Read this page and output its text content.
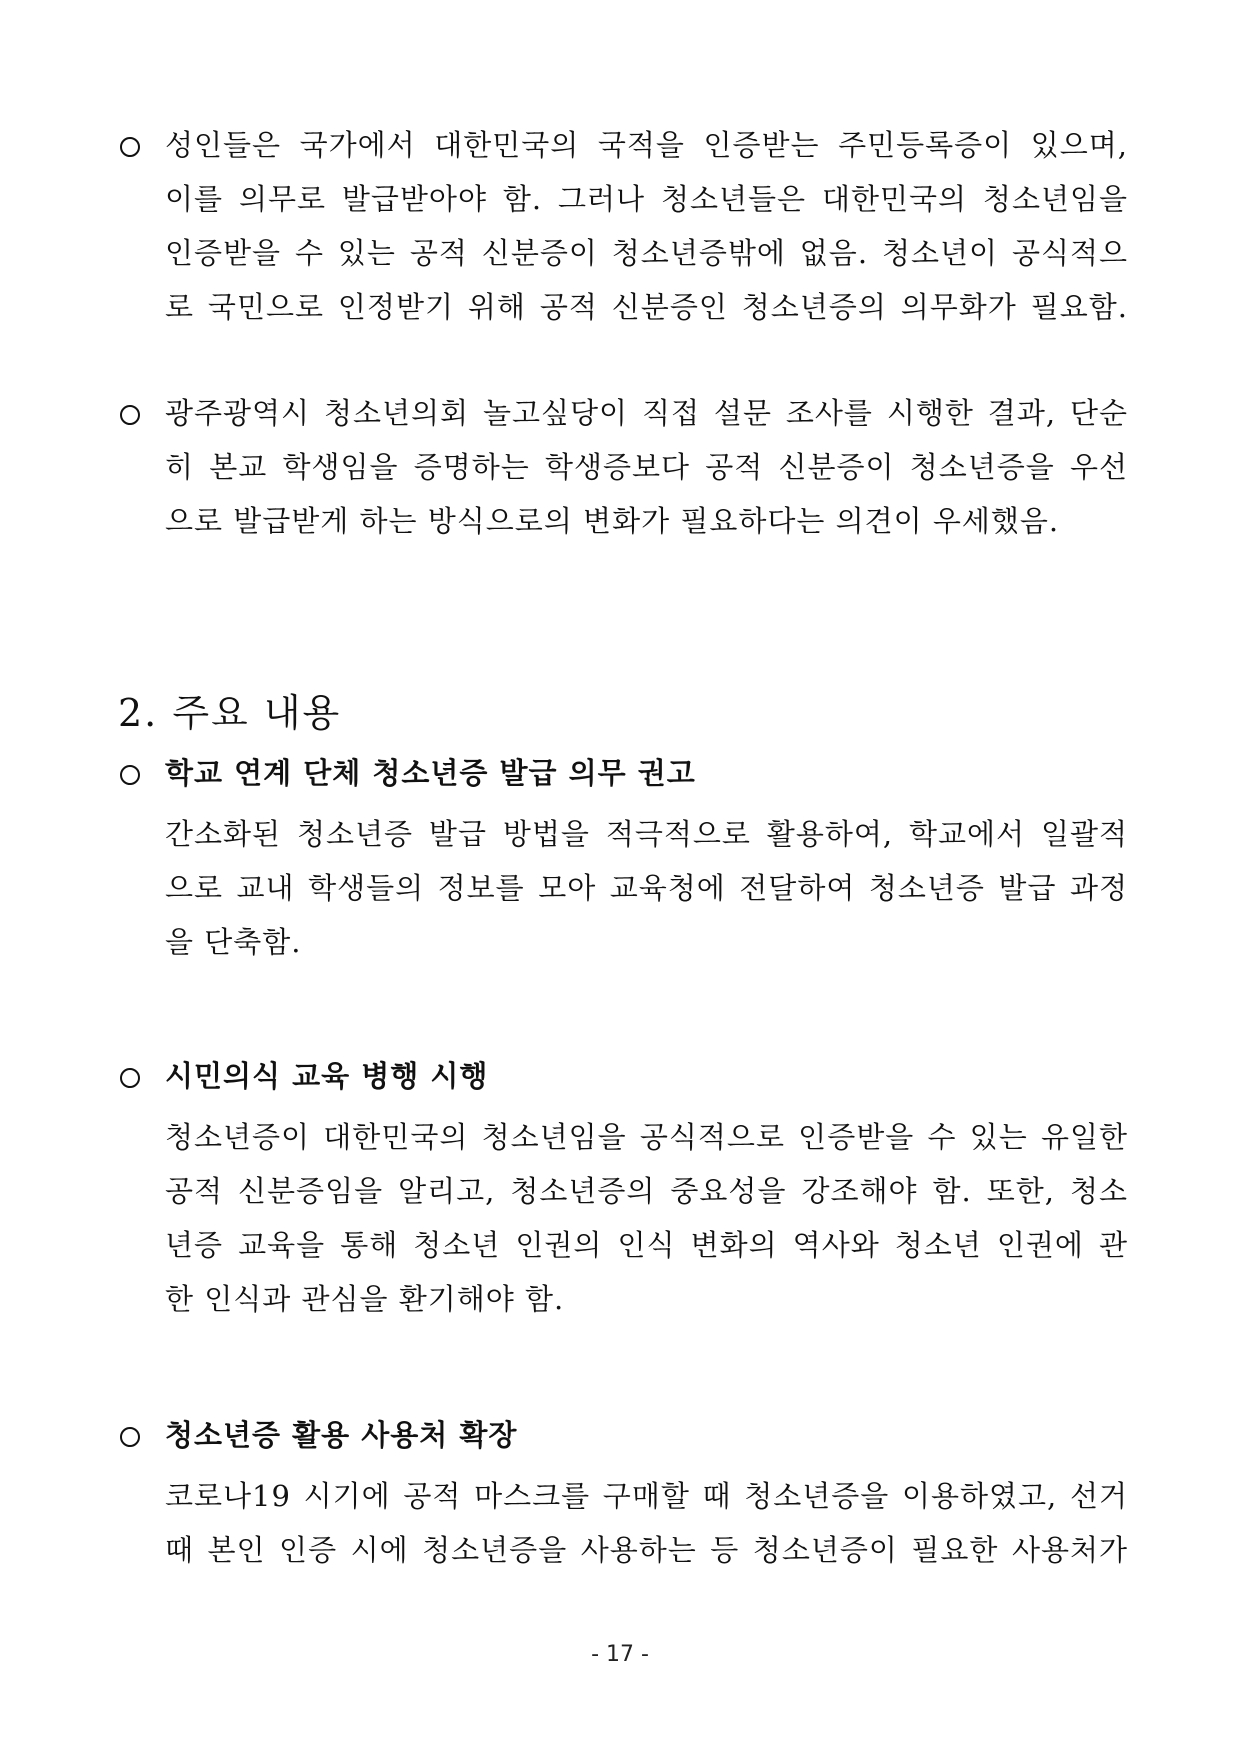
성인들은 국가에서 대한민국의 국적을 인증받는 주민등록증이 있으며,
이를 의무로 발급받아야 함. 그러나 청소년들은 대한민국의 청소년임을
인증받을 수 있는 공적 신분증이 청소년증밖에 없음. 청소년이 공식적으
로 국민으로 인정받기 위해 공적 신분증인 청소년증의 의무화가 필요함.
광주광역시 청소년의회 놀고싶당이 직접 설문 조사를 시행한 결과, 단순
히 본교 학생임을 증명하는 학생증보다 공적 신분증이 청소년증을 우선
으로 발급받게 하는 방식으로의 변화가 필요하다는 의견이 우세했음.
2. 주요 내용
학교 연계 단체 청소년증 발급 의무 권고
간소화된 청소년증 발급 방법을 적극적으로 활용하여, 학교에서 일괄적
으로 교내 학생들의 정보를 모아 교육청에 전달하여 청소년증 발급 과정
을 단축함.
시민의식 교육 병행 시행
청소년증이 대한민국의 청소년임을 공식적으로 인증받을 수 있는 유일한
공적 신분증임을 알리고, 청소년증의 중요성을 강조해야 함. 또한, 청소
년증 교육을 통해 청소년 인권의 인식 변화의 역사와 청소년 인권에 관
한 인식과 관심을 환기해야 함.
청소년증 활용 사용처 확장
코로나19 시기에 공적 마스크를 구매할 때 청소년증을 이용하였고, 선거
때 본인 인증 시에 청소년증을 사용하는 등 청소년증이 필요한 사용처가
- 17 -
